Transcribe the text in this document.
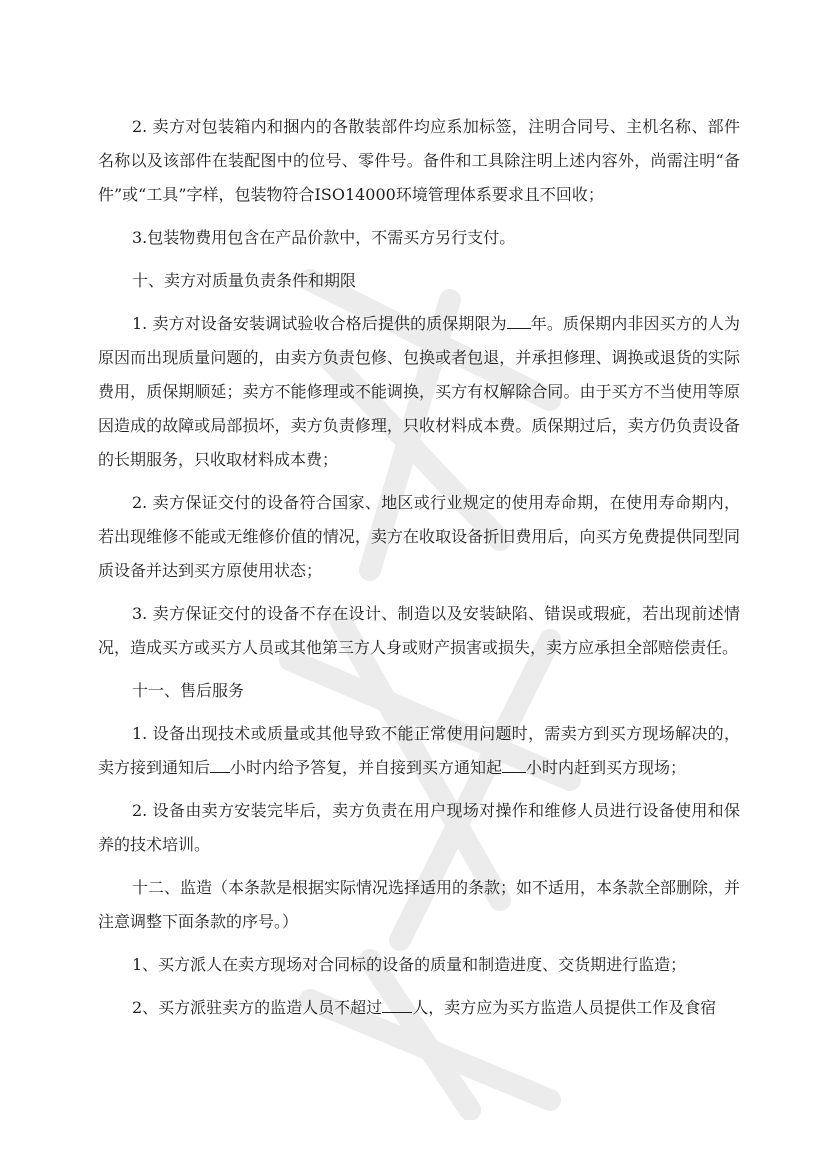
2. 卖方对包装箱内和捆内的各散装部件均应系加标签，注明合同号、主机名称、部件名称以及该部件在装配图中的位号、零件号。备件和工具除注明上述内容外，尚需注明“备件”或“工具”字样，包装物符合ISO14000环境管理体系要求且不回收；

3.包装物费用包含在产品价款中，不需买方另行支付。

十、卖方对质量负责条件和期限

1. 卖方对设备安装调试验收合格后提供的质保期限为 年。质保期内非因买方的人为原因而出现质量问题的，由卖方负责包修、包换或者包退，并承担修理、调换或退货的实际费用，质保期顺延；卖方不能修理或不能调换，买方有权解除合同。由于买方不当使用等原因造成的故障或局部损坏，卖方负责修理，只收材料成本费。质保期过后，卖方仍负责设备的长期服务，只收取材料成本费；

2. 卖方保证交付的设备符合国家、地区或行业规定的使用寿命期，在使用寿命期内，若出现维修不能或无维修价值的情况，卖方在收取设备折旧费用后，向买方免费提供同型同质设备并达到买方原使用状态；

3. 卖方保证交付的设备不存在设计、制造以及安装缺陷、错误或瑕疵，若出现前述情况，造成买方或买方人员或其他第三方人身或财产损害或损失，卖方应承担全部赔偿责任。

十一、售后服务

1. 设备出现技术或质量或其他导致不能正常使用问题时，需卖方到买方现场解决的，卖方接到通知后 小时内给予答复，并自接到买方通知起 小时内赶到买方现场；

2. 设备由卖方安装完毕后，卖方负责在用户现场对操作和维修人员进行设备使用和保养的技术培训。

十二、监造（本条款是根据实际情况选择适用的条款；如不适用，本条款全部删除，并注意调整下面条款的序号。）

1、买方派人在卖方现场对合同标的设备的质量和制造进度、交货期进行监造；

2、买方派驻卖方的监造人员不超过 人，卖方应为买方监造人员提供工作及食宿
